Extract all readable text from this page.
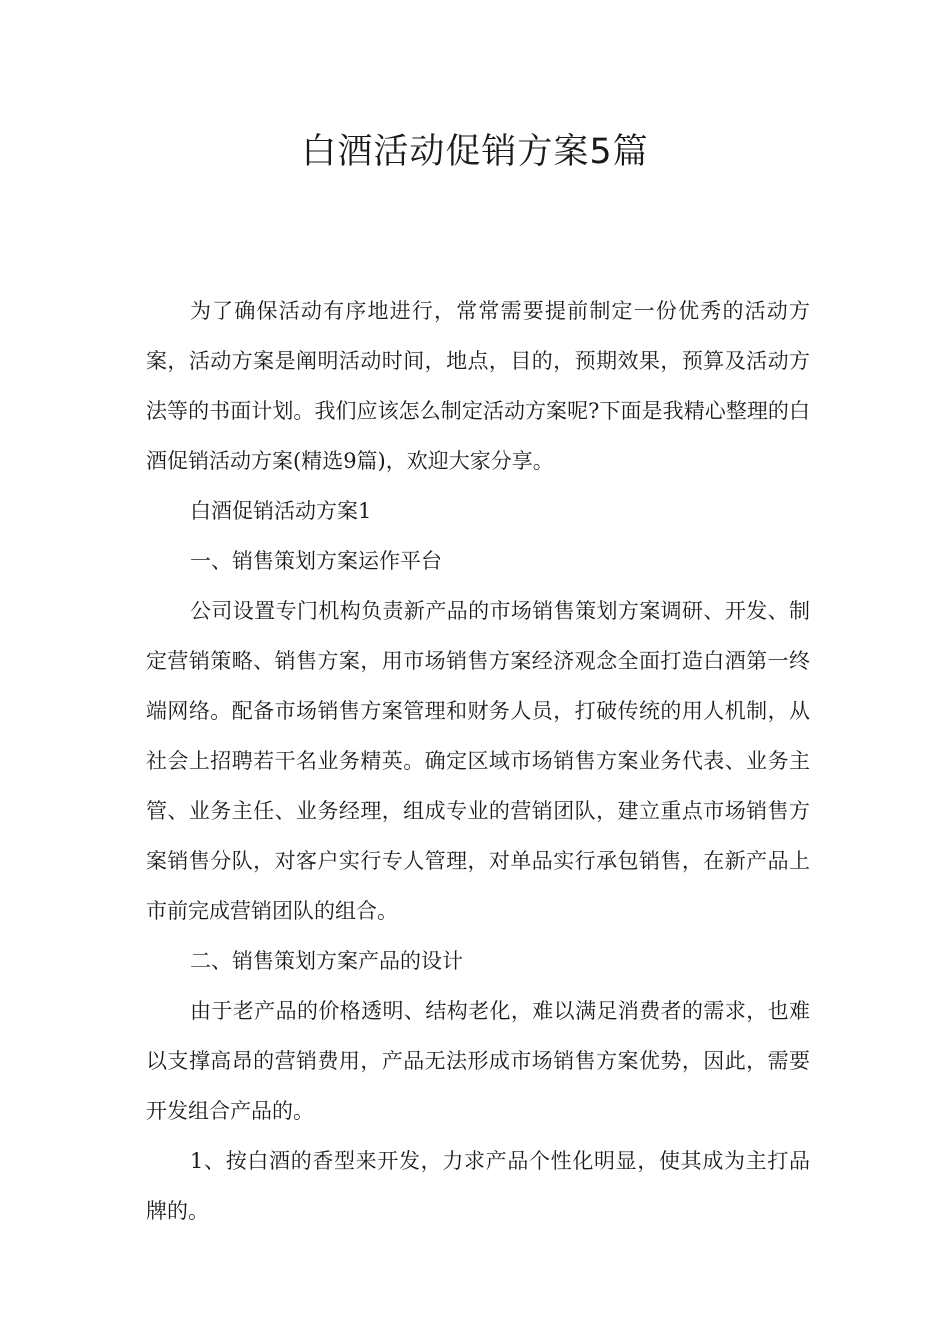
白酒活动促销方案5篇

为了确保活动有序地进行，常常需要提前制定一份优秀的活动方案，活动方案是阐明活动时间，地点，目的，预期效果，预算及活动方法等的书面计划。我们应该怎么制定活动方案呢?下面是我精心整理的白酒促销活动方案(精选9篇)，欢迎大家分享。

白酒促销活动方案1

一、销售策划方案运作平台

公司设置专门机构负责新产品的市场销售策划方案调研、开发、制定营销策略、销售方案，用市场销售方案经济观念全面打造白酒第一终端网络。配备市场销售方案管理和财务人员，打破传统的用人机制，从社会上招聘若干名业务精英。确定区域市场销售方案业务代表、业务主管、业务主任、业务经理，组成专业的营销团队，建立重点市场销售方案销售分队，对客户实行专人管理，对单品实行承包销售，在新产品上市前完成营销团队的组合。

二、销售策划方案产品的设计

由于老产品的价格透明、结构老化，难以满足消费者的需求，也难以支撑高昂的营销费用，产品无法形成市场销售方案优势，因此，需要开发组合产品的。

1、按白酒的香型来开发，力求产品个性化明显，使其成为主打品牌的。
